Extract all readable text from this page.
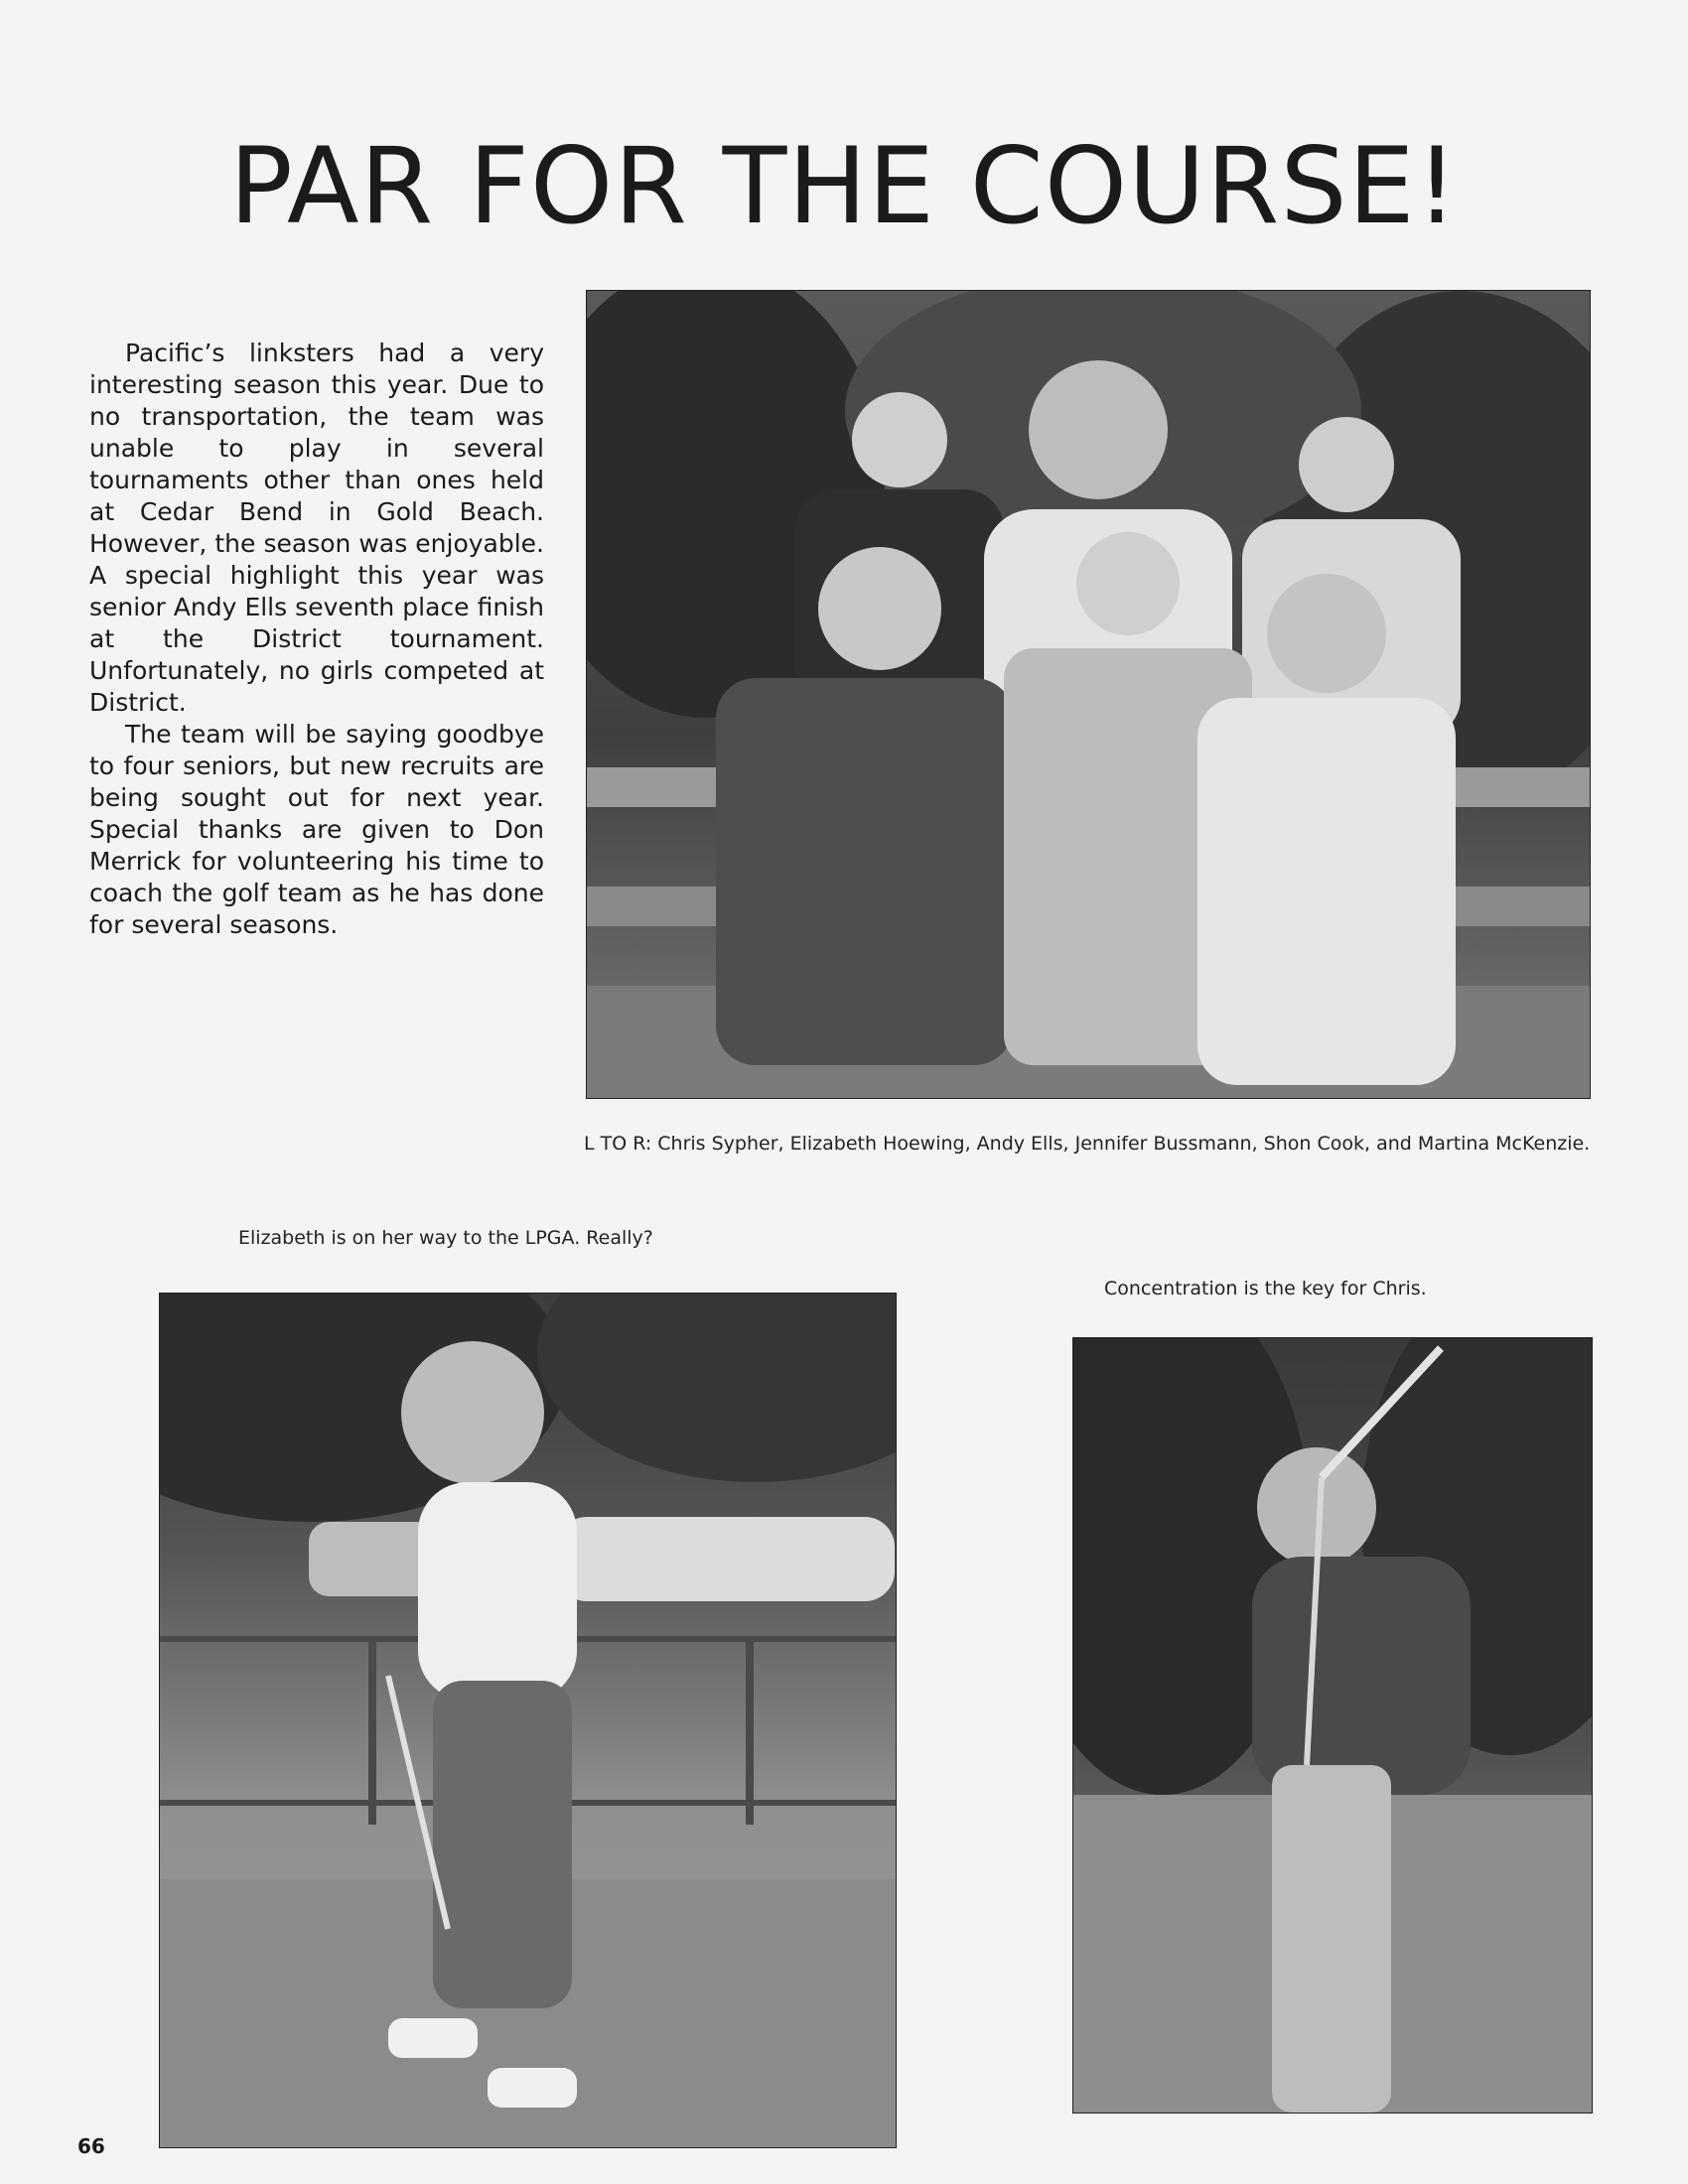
PAR FOR THE COURSE!

Pacific’s linksters had a very interesting season this year. Due to no transportation, the team was unable to play in several tournaments other than ones held at Cedar Bend in Gold Beach. However, the season was enjoyable. A special highlight this year was senior Andy Ells seventh place finish at the District tournament. Unfortunately, no girls competed at District.

The team will be saying goodbye to four seniors, but new recruits are being sought out for next year. Special thanks are given to Don Merrick for volunteering his time to coach the golf team as he has done for several seasons.

L TO R: Chris Sypher, Elizabeth Hoewing, Andy Ells, Jennifer Bussmann, Shon Cook, and Martina McKenzie.
Elizabeth is on her way to the LPGA. Really?
Concentration is the key for Chris.
66
